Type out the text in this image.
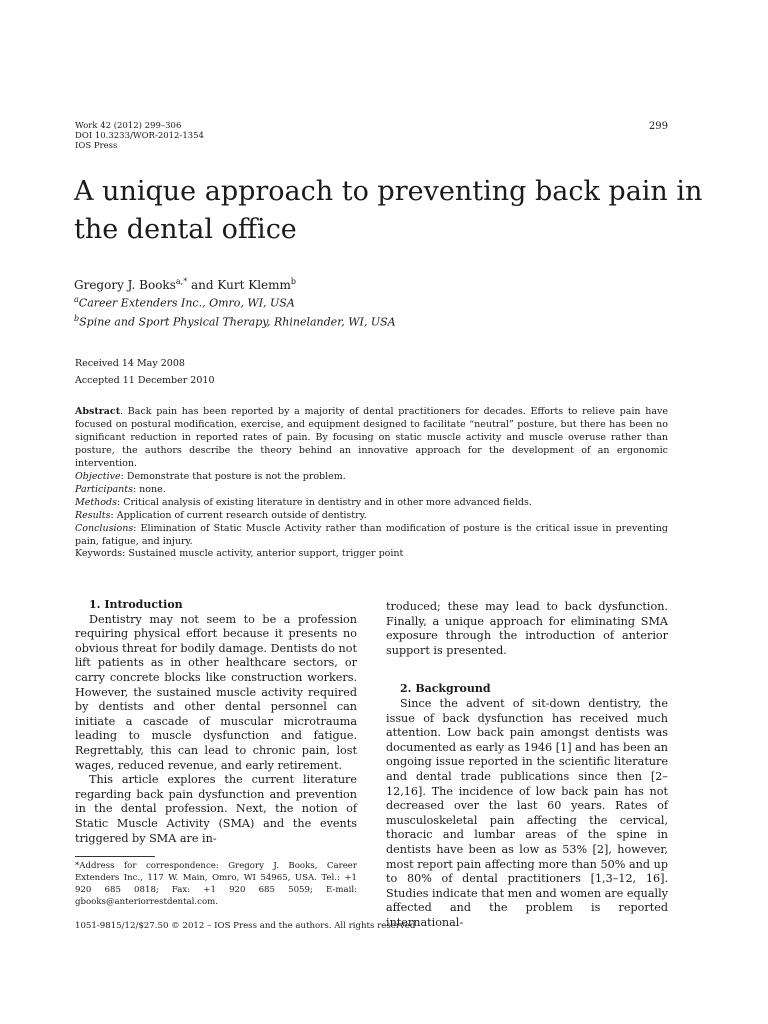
Work 42 (2012) 299–306
DOI 10.3233/WOR-2012-1354
IOS Press
299
A unique approach to preventing back pain in the dental office
Gregory J. Books$^{a,*}$ and Kurt Klemm$^b$
$^a$Career Extenders Inc., Omro, WI, USA
$^b$Spine and Sport Physical Therapy, Rhinelander, WI, USA
Received 14 May 2008
Accepted 11 December 2010

Abstract. Back pain has been reported by a majority of dental practitioners for decades. Efforts to relieve pain have focused on postural modification, exercise, and equipment designed to facilitate “neutral” posture, but there has been no significant reduction in reported rates of pain. By focusing on static muscle activity and muscle overuse rather than posture, the authors describe the theory behind an innovative approach for the development of an ergonomic intervention.

Objective: Demonstrate that posture is not the problem.

Participants: none.

Methods: Critical analysis of existing literature in dentistry and in other more advanced fields.

Results: Application of current research outside of dentistry.

Conclusions: Elimination of Static Muscle Activity rather than modification of posture is the critical issue in preventing pain, fatigue, and injury.

Keywords: Sustained muscle activity, anterior support, trigger point

1. Introduction

Dentistry may not seem to be a profession requiring physical effort because it presents no obvious threat for bodily damage. Dentists do not lift patients as in other healthcare sectors, or carry concrete blocks like construction workers. However, the sustained muscle activity required by dentists and other dental personnel can initiate a cascade of muscular microtrauma leading to muscle dysfunction and fatigue. Regrettably, this can lead to chronic pain, lost wages, reduced revenue, and early retirement.

This article explores the current literature regarding back pain dysfunction and prevention in the dental profession. Next, the notion of Static Muscle Activity (SMA) and the events triggered by SMA are in-

troduced; these may lead to back dysfunction. Finally, a unique approach for eliminating SMA exposure through the introduction of anterior support is presented.

2. Background

Since the advent of sit-down dentistry, the issue of back dysfunction has received much attention. Low back pain amongst dentists was documented as early as 1946 [1] and has been an ongoing issue reported in the scientific literature and dental trade publications since then [2–12,16]. The incidence of low back pain has not decreased over the last 60 years. Rates of musculoskeletal pain affecting the cervical, thoracic and lumbar areas of the spine in dentists have been as low as 53% [2], however, most report pain affecting more than 50% and up to 80% of dental practitioners [1,3–12, 16]. Studies indicate that men and women are equally affected and the problem is reported international-

*Address for correspondence: Gregory J. Books, Career Extenders Inc., 117 W. Main, Omro, WI 54965, USA. Tel.: +1 920 685 0818; Fax: +1 920 685 5059; E-mail: gbooks@anteriorrestdental.com.
1051-9815/12/$27.50 © 2012 – IOS Press and the authors. All rights reserved
